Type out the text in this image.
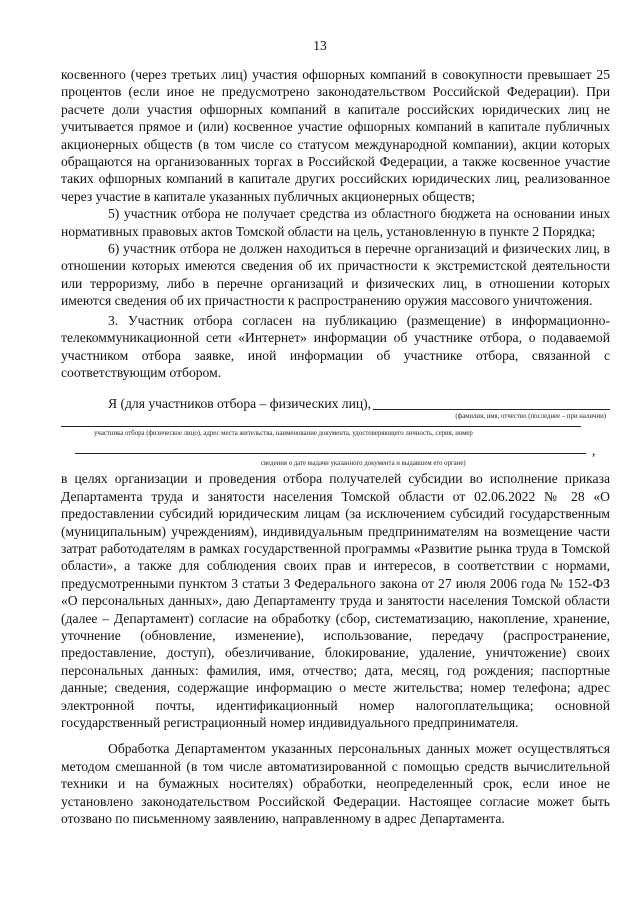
13

косвенного (через третьих лиц) участия офшорных компаний в совокупности превышает 25 процентов (если иное не предусмотрено законодательством Российской Федерации). При расчете доли участия офшорных компаний в капитале российских юридических лиц не учитывается прямое и (или) косвенное участие офшорных компаний в капитале публичных акционерных обществ (в том числе со статусом международной компании), акции которых обращаются на организованных торгах в Российской Федерации, а также косвенное участие таких офшорных компаний в капитале других российских юридических лиц, реализованное через участие в капитале указанных публичных акционерных обществ;

5) участник отбора не получает средства из областного бюджета на основании иных нормативных правовых актов Томской области на цель, установленную в пункте 2 Порядка;

6) участник отбора не должен находиться в перечне организаций и физических лиц, в отношении которых имеются сведения об их причастности к экстремистской деятельности или терроризму, либо в перечне организаций и физических лиц, в отношении которых имеются сведения об их причастности к распространению оружия массового уничтожения.

3. Участник отбора согласен на публикацию (размещение) в информационно-телекоммуникационной сети «Интернет» информации об участнике отбора, о подаваемой участником отбора заявке, иной информации об участнике отбора, связанной с соответствующим отбором.

Я (для участников отбора – физических лиц),
(фамилия, имя, отчество (последнее – при наличии)
участника отбора (физическое лицо), адрес места жительства, наименование документа, удостоверяющего личность, серия, номер
,
сведения о дате выдачи указанного документа и выдавшем его органе)

в целях организации и проведения отбора получателей субсидии во исполнение приказа Департамента труда и занятости населения Томской области от 02.06.2022 № 28 «О предоставлении субсидий юридическим лицам (за исключением субсидий государственным (муниципальным) учреждениям), индивидуальным предпринимателям на возмещение части затрат работодателям в рамках государственной программы «Развитие рынка труда в Томской области», а также для соблюдения своих прав и интересов, в соответствии с нормами, предусмотренными пунктом 3 статьи 3 Федерального закона от 27 июля 2006 года № 152-ФЗ «О персональных данных», даю Департаменту труда и занятости населения Томской области (далее – Департамент) согласие на обработку (сбор, систематизацию, накопление, хранение, уточнение (обновление, изменение), использование, передачу (распространение, предоставление, доступ), обезличивание, блокирование, удаление, уничтожение) своих персональных данных: фамилия, имя, отчество; дата, месяц, год рождения; паспортные данные; сведения, содержащие информацию о месте жительства; номер телефона; адрес электронной почты, идентификационный номер налогоплательщика; основной государственный регистрационный номер индивидуального предпринимателя.

Обработка Департаментом указанных персональных данных может осуществляться методом смешанной (в том числе автоматизированной с помощью средств вычислительной техники и на бумажных носителях) обработки, неопределенный срок, если иное не установлено законодательством Российской Федерации. Настоящее согласие может быть отозвано по письменному заявлению, направленному в адрес Департамента.
